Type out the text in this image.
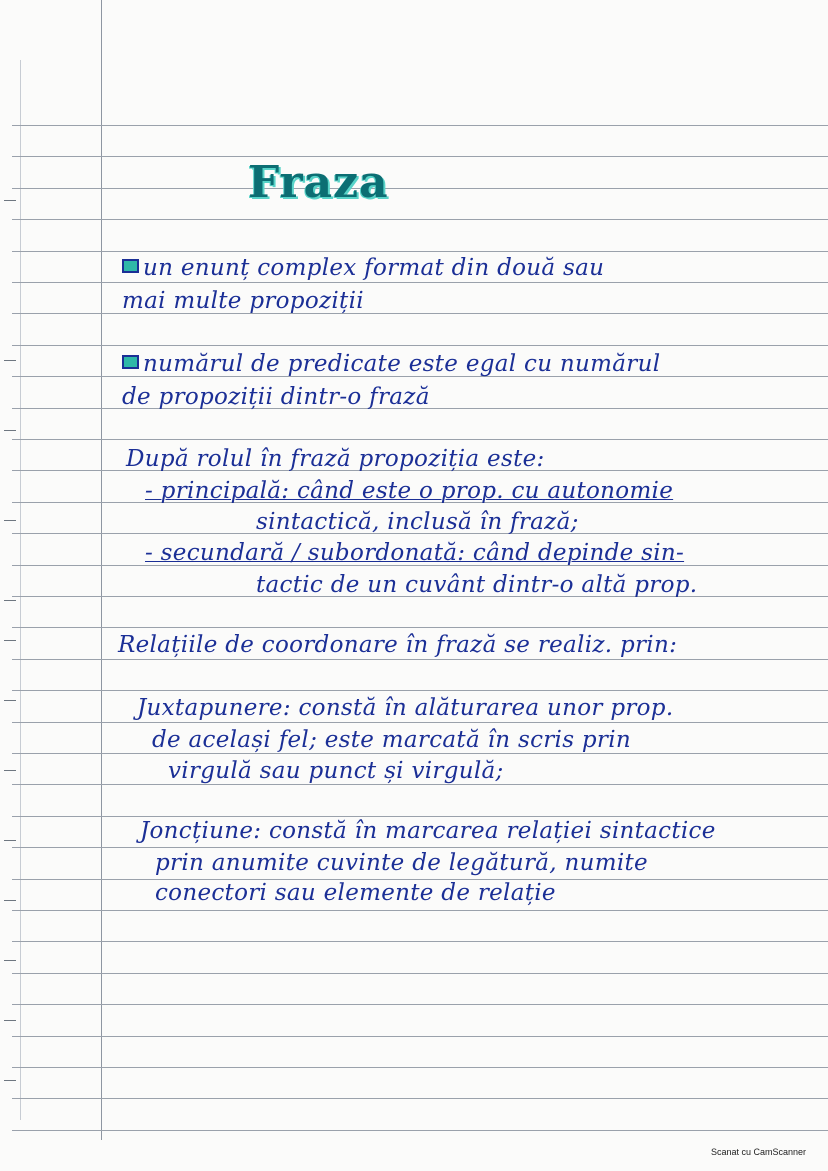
Fraza
un enunț complex format din două sau
mai multe propoziții
numărul de predicate este egal cu numărul
de propoziții dintr-o frază
După rolul în frază propoziția este:
- principală: când este o prop. cu autonomie
sintactică, inclusă în frază;
- secundară / subordonată: când depinde sin-
tactic de un cuvânt dintr-o altă prop.
Relațiile de coordonare în frază se realiz. prin:
Juxtapunere: constă în alăturarea unor prop.
de același fel; este marcată în scris prin
virgulă sau punct și virgulă;
Joncțiune: constă în marcarea relației sintactice
prin anumite cuvinte de legătură, numite
conectori sau elemente de relație
Scanat cu CamScanner
